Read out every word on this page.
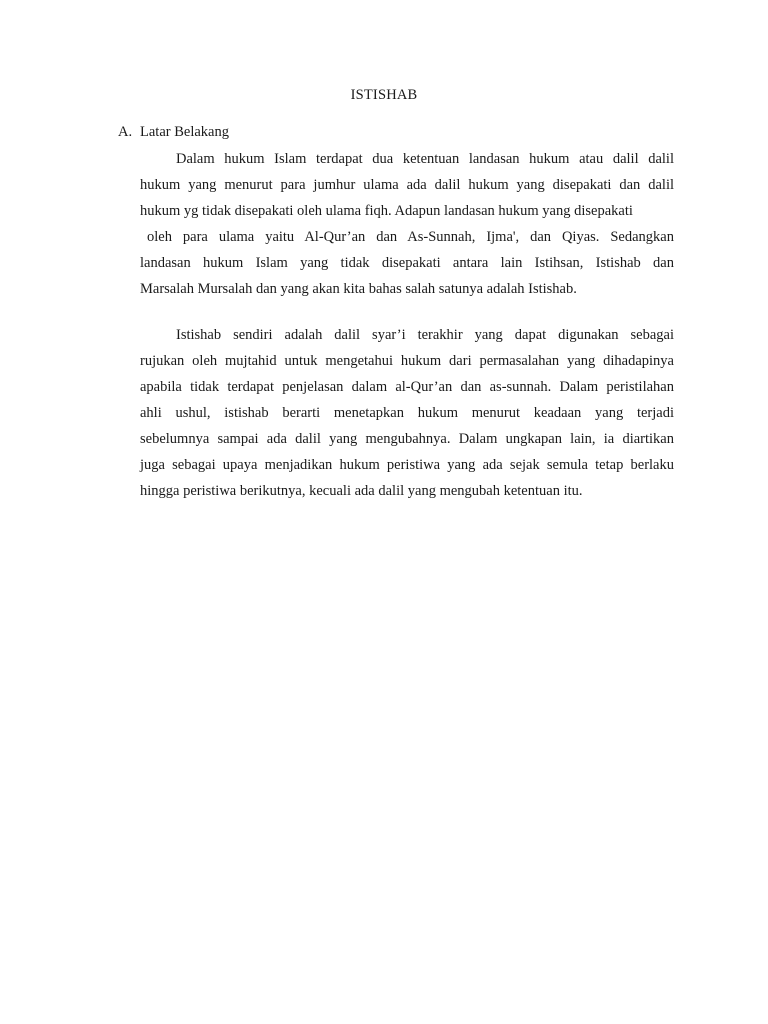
ISTISHAB
A. Latar Belakang
Dalam hukum Islam terdapat dua ketentuan landasan hukum atau dalil dalil
hukum yang menurut para jumhur ulama ada dalil hukum yang disepakati dan dalil
hukum yg tidak disepakati oleh ulama fiqh. Adapun landasan hukum yang disepakati
oleh para ulama yaitu Al-Qur’an dan As-Sunnah, Ijma', dan Qiyas. Sedangkan
landasan hukum Islam yang tidak disepakati antara lain Istihsan, Istishab dan
Marsalah Mursalah dan yang akan kita bahas salah satunya adalah Istishab.
Istishab sendiri adalah dalil syar’i terakhir yang dapat digunakan sebagai
rujukan oleh mujtahid untuk mengetahui hukum dari permasalahan yang dihadapinya
apabila tidak terdapat penjelasan dalam al-Qur’an dan as-sunnah. Dalam peristilahan
ahli ushul, istishab berarti menetapkan hukum menurut keadaan yang terjadi
sebelumnya sampai ada dalil yang mengubahnya. Dalam ungkapan lain, ia diartikan
juga sebagai upaya menjadikan hukum peristiwa yang ada sejak semula tetap berlaku
hingga peristiwa berikutnya, kecuali ada dalil yang mengubah ketentuan itu.
